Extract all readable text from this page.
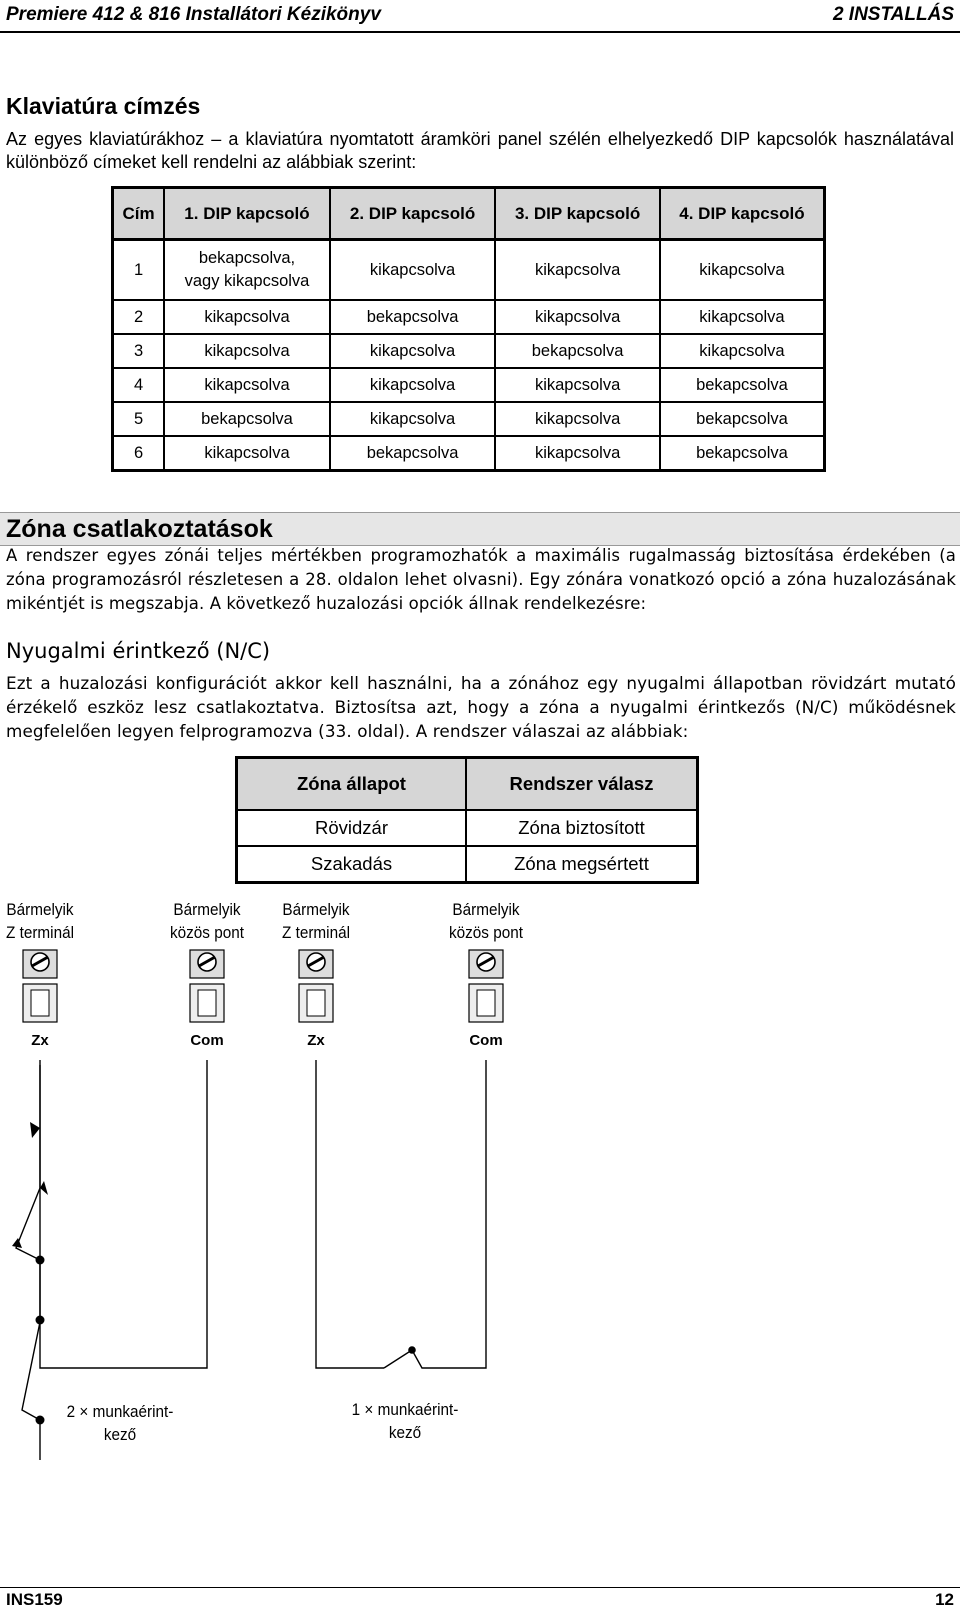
Premiere 412 & 816 Installátori Kézikönyv	2 INSTALLÁS
Klaviatúra címzés
Az egyes klaviatúrákhoz – a klaviatúra nyomtatott áramköri panel szélén elhelyezkedő DIP kapcsolók használatával különböző címeket kell rendelni az alábbiak szerint:
Cím	1. DIP kapcsoló	2. DIP kapcsoló	3. DIP kapcsoló	4. DIP kapcsoló
1	bekapcsolva,
vagy kikapcsolva	kikapcsolva	kikapcsolva	kikapcsolva
2	kikapcsolva	bekapcsolva	kikapcsolva	kikapcsolva
3	kikapcsolva	kikapcsolva	bekapcsolva	kikapcsolva
4	kikapcsolva	kikapcsolva	kikapcsolva	bekapcsolva
5	bekapcsolva	kikapcsolva	kikapcsolva	bekapcsolva
6	kikapcsolva	bekapcsolva	kikapcsolva	bekapcsolva
Zóna csatlakoztatások
A rendszer egyes zónái teljes mértékben programozhatók a maximális rugalmasság biztosítása érdekében (a zóna programozásról részletesen a 28. oldalon lehet olvasni). Egy zónára vonatkozó opció a zóna huzalozásának mikéntjét is megszabja. A következő huzalozási opciók állnak rendelkezésre:
Nyugalmi érintkező (N/C)
Ezt a huzalozási konfigurációt akkor kell használni, ha a zónához egy nyugalmi állapotban rövidzárt mutató érzékelő eszköz lesz csatlakoztatva. Biztosítsa azt, hogy a zóna a nyugalmi érintkezős (N/C) működésnek megfelelően legyen felprogramozva (33. oldal). A rendszer válaszai az alábbiak:
Zóna állapot	Rendszer válasz
Rövidzár	Zóna biztosított
Szakadás	Zóna megsértett
Bármelyik
Z terminál
Bármelyik
közös pont
Bármelyik
Z terminál
Bármelyik
közös pont
Zx	Com	Zx	Com
2 × munkaérint-
kező
1 × munkaérint-
kező
INS159	12
